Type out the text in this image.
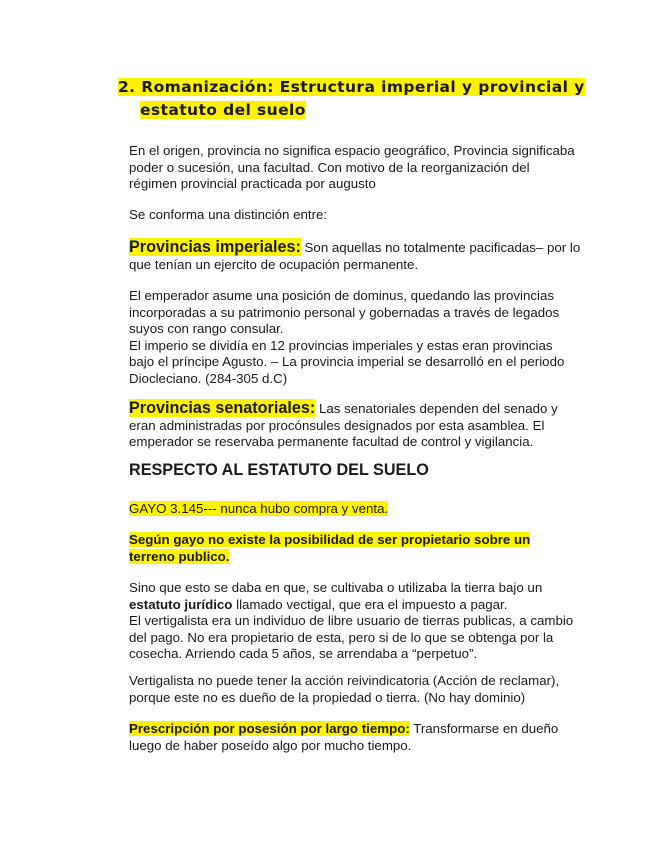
2. Romanización: Estructura imperial y provincial y
estatuto del suelo
En el origen, provincia no significa espacio geográfico, Provincia significaba
poder o sucesión, una facultad. Con motivo de la reorganización del
régimen provincial practicada por augusto
Se conforma una distinción entre:
Provincias imperiales: Son aquellas no totalmente pacificadas– por lo
que tenían un ejercito de ocupación permanente.
El emperador asume una posición de dominus, quedando las provincias
incorporadas a su patrimonio personal y gobernadas a través de legados
suyos con rango consular.
El imperio se dividía en 12 provincias imperiales y estas eran provincias
bajo el príncipe Agusto. – La provincia imperial se desarrolló en el periodo
Diocleciano. (284-305 d.C)
Provincias senatoriales: Las senatoriales dependen del senado y
eran administradas por procónsules designados por esta asamblea. El
emperador se reservaba permanente facultad de control y vigilancia.
RESPECTO AL ESTATUTO DEL SUELO
GAYO 3.145--- nunca hubo compra y venta.
Según gayo no existe la posibilidad de ser propietario sobre un
terreno publico.
Sino que esto se daba en que, se cultivaba o utilizaba la tierra bajo un
estatuto jurídico llamado vectigal, que era el impuesto a pagar.
El vertigalista era un individuo de libre usuario de tierras publicas, a cambio
del pago. No era propietario de esta, pero si de lo que se obtenga por la
cosecha. Arriendo cada 5 años, se arrendaba a “perpetuo”.
Vertigalista no puede tener la acción reivindicatoria (Acción de reclamar),
porque este no es dueño de la propiedad o tierra. (No hay dominio)
Prescripción por posesión por largo tiempo: Transformarse en dueño
luego de haber poseído algo por mucho tiempo.
